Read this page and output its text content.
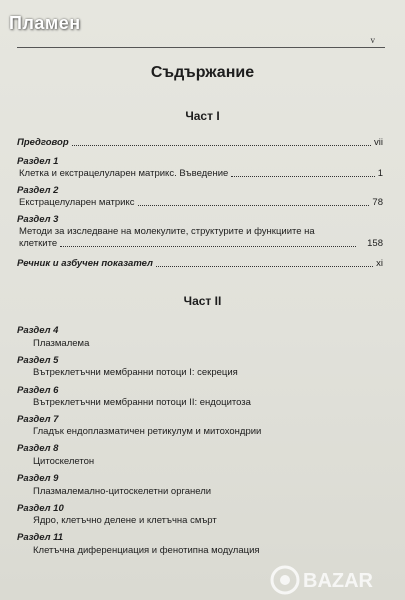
Пламен
v
Съдържание
Част I
Предговор	vii
Раздел 1
Клетка и екстрацелуларен матрикс. Въведение	1
Раздел 2
Екстрацелуларен матрикс	78
Раздел 3
Методи за изследване на молекулите, структурите и функциите на
клетките	158
Речник и азбучен показател	xi
Част II
Раздел 4
Плазмалема
Раздел 5
Вътреклетъчни мембранни потоци I: секреция
Раздел 6
Вътреклетъчни мембранни потоци II: ендоцитоза
Раздел 7
Гладък ендоплазматичен ретикулум и митохондрии
Раздел 8
Цитоскелетон
Раздел 9
Плазмалемално-цитоскелетни органели
Раздел 10
Ядро, клетъчно делене и клетъчна смърт
Раздел 11
Клетъчна диференциация и фенотипна модулация
BAZAR
